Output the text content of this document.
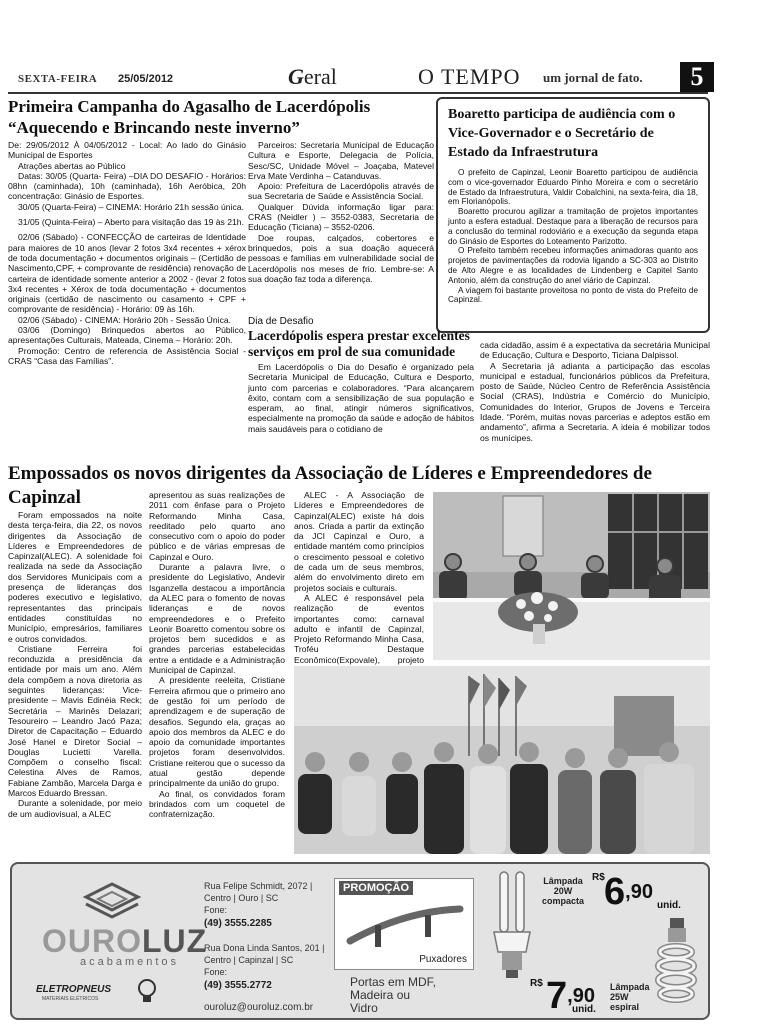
SEXTA-FEIRA 25/05/2012	Geral	O TEMPO um jornal de fato.	5
Primeira Campanha do Agasalho de Lacerdópolis
“Aquecendo e Brincando neste inverno”

De: 29/05/2012 À 04/05/2012 - Local: Ao lado do Ginásio Municipal de Esportes

Atrações abertas ao Público

Datas: 30/05 (Quarta- Feira) –DIA DO DESAFIO - Horários: 08hn (caminhada), 10h (caminhada), 16h Aeróbica, 20h concentração: Ginásio de Esportes.

30/05 (Quarta-Feira) – CINEMA: Horário 21h sessão única.

31/05 (Quinta-Feira) – Aberto para visitação das 19 às 21h.

02/06 (Sábado) - CONFECÇÃO de carteiras de Identidade para maiores de 10 anos (levar 2 fotos 3x4 recentes + xérox de toda documentação + documentos originais – (Certidão de Nascimento,CPF, + comprovante de residência) renovação de carteira de identidade somente anterior a 2002 - (levar 2 fotos 3x4 recentes + Xérox de toda documentação + documentos originais (certidão de nascimento ou casamento + CPF + comprovante de residência) - Horário: 09 às 16h.

02/06 (Sábado) - CINEMA: Horário 20h - Sessão Única.

03/06 (Domingo) Brinquedos abertos ao Público, apresentações Culturais, Mateada, Cinema – Horário: 20h.

Promoção: Centro de referencia de Assistência Social - CRAS “Casa das Famílias”.

Parceiros: Secretaria Municipal de Educação Cultura e Esporte, Delegacia de Polícia, Sesc/SC, Unidade Móvel – Joaçaba, Matevel Erva Mate Verdinha – Catanduvas.

Apoio: Prefeitura de Lacerdópolis através de sua Secretaria de Saúde e Assistência Social.

Qualquer Dúvida informação ligar para: CRAS (Neidler ) – 3552-0383, Secretaria de Educação (Ticiana) – 3552-0206.

Doe roupas, calçados, cobertores e brinquedos, pois a sua doação aquecerá pessoas e famílias em vulnerabilidade social de Lacerdópolis nos meses de frio. Lembre-se: A sua doação faz toda a diferença.

Boaretto participa de audiência com o Vice-Governador e o Secretário de Estado da Infraestrutura

O prefeito de Capinzal, Leonir Boaretto participou de audiência com o vice-governador Eduardo Pinho Moreira e com o secretário de Estado da Infraestrutura, Valdir Cobalchini, na sexta-feira, dia 18, em Florianópolis.

Boaretto procurou agilizar a tramitação de projetos importantes junto a esfera estadual. Destaque para a liberação de recursos para a conclusão do terminal rodoviário e a execução da segunda etapa do Ginásio de Esportes do Loteamento Parizotto.

O Prefeito também recebeu informações animadoras quanto aos projetos de pavimentações da rodovia ligando a SC-303 ao Distrito de Alto Alegre e as localidades de Lindenberg e Capitel Santo Antonio, além da construção do anel viário de Capinzal.

A viagem foi bastante proveitosa no ponto de vista do Prefeito de Capinzal.

Dia de Desafio
Lacerdópolis espera prestar excelentes serviços em prol de sua comunidade

Em Lacerdópolis o Dia do Desafio é organizado pela Secretaria Municipal de Educação, Cultura e Desporto, junto com parcerias e colaboradores. “Para alcançarem êxito, contam com a sensibilização de sua população e esperam, ao final, atingir números significativos, especialmente na promoção da saúde e adoção de hábitos mais saudáveis para o cotidiano de

cada cidadão, assim é a expectativa da secretária Municipal de Educação, Cultura e Desporto, Ticiana Dalpissol.

A Secretaria já adianta a participação das escolas municipal e estadual, funcionários públicos da Prefeitura, posto de Saúde, Núcleo Centro de Referência Assistência Social (CRAS), Indústria e Comércio do Município, Comunidades do Interior, Grupos de Jovens e Terceira Idade. “Porém, muitas novas parcerias e adeptos estão em andamento”, afirma a Secretaria. A ideia é mobilizar todos os munícipes.

Empossados os novos dirigentes da Associação de Líderes e Empreendedores de
Capinzal

Foram empossados na noite desta terça-feira, dia 22, os novos dirigentes da Associação de Líderes e Empreendedores de Capinzal(ALEC). A solenidade foi realizada na sede da Associação dos Servidores Municipais com a presença de lideranças dos poderes executivo e legislativo, representantes das principais entidades constituídas no Município, empresários, familiares e outros convidados.

Cristiane Ferreira foi reconduzida a presidência da entidade por mais um ano. Além dela compõem a nova diretoria as seguintes lideranças: Vice-presidente – Mavis Edinéia Reck; Secretária – Marinês Delazari; Tesoureiro – Leandro Jacó Paza; Diretor de Capacitação – Eduardo José Hanel e Diretor Social – Douglas Lucietti Varella. Compõem o conselho fiscal: Celestina Alves de Ramos, Fabiane Zambão, Marcela Darga e Marcos Eduardo Bressan.

Durante a solenidade, por meio de um audiovisual, a ALEC

apresentou as suas realizações de 2011 com ênfase para o Projeto Reformando Minha Casa, reeditado pelo quarto ano consecutivo com o apoio do poder público e de várias empresas de Capinzal e Ouro.

Durante a palavra livre, o presidente do Legislativo, Andevir Isganzella destacou a importância da ALEC para o fomento de novas lideranças e de novos empreendedores e o Prefeito Leonir Boaretto comentou sobre os projetos bem sucedidos e as grandes parcerias estabelecidas entre a entidade e a Administração Municipal de Capinzal.

A presidente reeleita, Cristiane Ferreira afirmou que o primeiro ano de gestão foi um período de aprendizagem e de superação de desafios. Segundo ela, graças ao apoio dos membros da ALEC e do apoio da comunidade importantes projetos foram desenvolvidos. Cristiane reiterou que o sucesso da atual gestão depende principalmente da união do grupo.

Ao final, os convidados foram brindados com um coquetel de confraternização.

ALEC - A Associação de Líderes e Empreendedores de Capinzal(ALEC) existe há dois anos. Criada a partir da extinção da JCI Capinzal e Ouro, a entidade mantém como princípios o crescimento pessoal e coletivo de cada um de seus membros, além do envolvimento direto em projetos sociais e culturais.

A ALEC é responsável pela realização de eventos importantes como: carnaval adulto e infantil de Capinzal, Projeto Reformando Minha Casa, Troféu Destaque Econômico(Expovale), projeto

OUROLUZ
acabamentos
ELETROPNEUS
MATERIAIS ELÉTRICOS
Rua Felipe Schmidt, 2072 |
Centro | Ouro | SC
Fone:
(49) 3555.2285
Rua Dona Linda Santos, 201 |
Centro | Capinzal | SC
Fone:
(49) 3555.2772
ouroluz@ouroluz.com.br
PROMOÇÃO
Puxadores
Portas em MDF,
Madeira ou
Vidro
Lâmpada
20W
compacta
R$ $6^{,90}$
unid.
R$ $7^{,90}$
unid.
Lâmpada
25W
espiral
